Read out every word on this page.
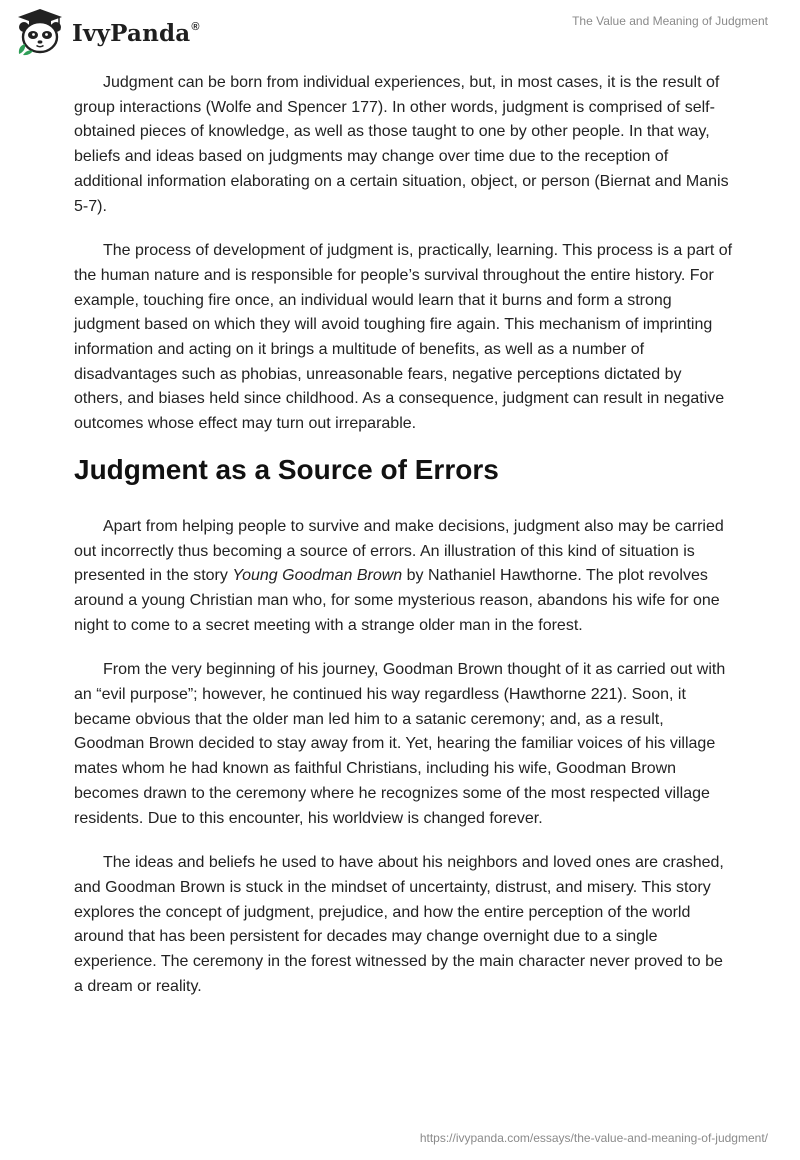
IvyPanda®	The Value and Meaning of Judgment

Judgment can be born from individual experiences, but, in most cases, it is the result of group interactions (Wolfe and Spencer 177). In other words, judgment is comprised of self-obtained pieces of knowledge, as well as those taught to one by other people. In that way, beliefs and ideas based on judgments may change over time due to the reception of additional information elaborating on a certain situation, object, or person (Biernat and Manis 5-7).

The process of development of judgment is, practically, learning. This process is a part of the human nature and is responsible for people’s survival throughout the entire history. For example, touching fire once, an individual would learn that it burns and form a strong judgment based on which they will avoid toughing fire again. This mechanism of imprinting information and acting on it brings a multitude of benefits, as well as a number of disadvantages such as phobias, unreasonable fears, negative perceptions dictated by others, and biases held since childhood. As a consequence, judgment can result in negative outcomes whose effect may turn out irreparable.

Judgment as a Source of Errors

Apart from helping people to survive and make decisions, judgment also may be carried out incorrectly thus becoming a source of errors. An illustration of this kind of situation is presented in the story Young Goodman Brown by Nathaniel Hawthorne. The plot revolves around a young Christian man who, for some mysterious reason, abandons his wife for one night to come to a secret meeting with a strange older man in the forest.

From the very beginning of his journey, Goodman Brown thought of it as carried out with an “evil purpose”; however, he continued his way regardless (Hawthorne 221). Soon, it became obvious that the older man led him to a satanic ceremony; and, as a result, Goodman Brown decided to stay away from it. Yet, hearing the familiar voices of his village mates whom he had known as faithful Christians, including his wife, Goodman Brown becomes drawn to the ceremony where he recognizes some of the most respected village residents. Due to this encounter, his worldview is changed forever.

The ideas and beliefs he used to have about his neighbors and loved ones are crashed, and Goodman Brown is stuck in the mindset of uncertainty, distrust, and misery. This story explores the concept of judgment, prejudice, and how the entire perception of the world around that has been persistent for decades may change overnight due to a single experience. The ceremony in the forest witnessed by the main character never proved to be a dream or reality.

https://ivypanda.com/essays/the-value-and-meaning-of-judgment/
